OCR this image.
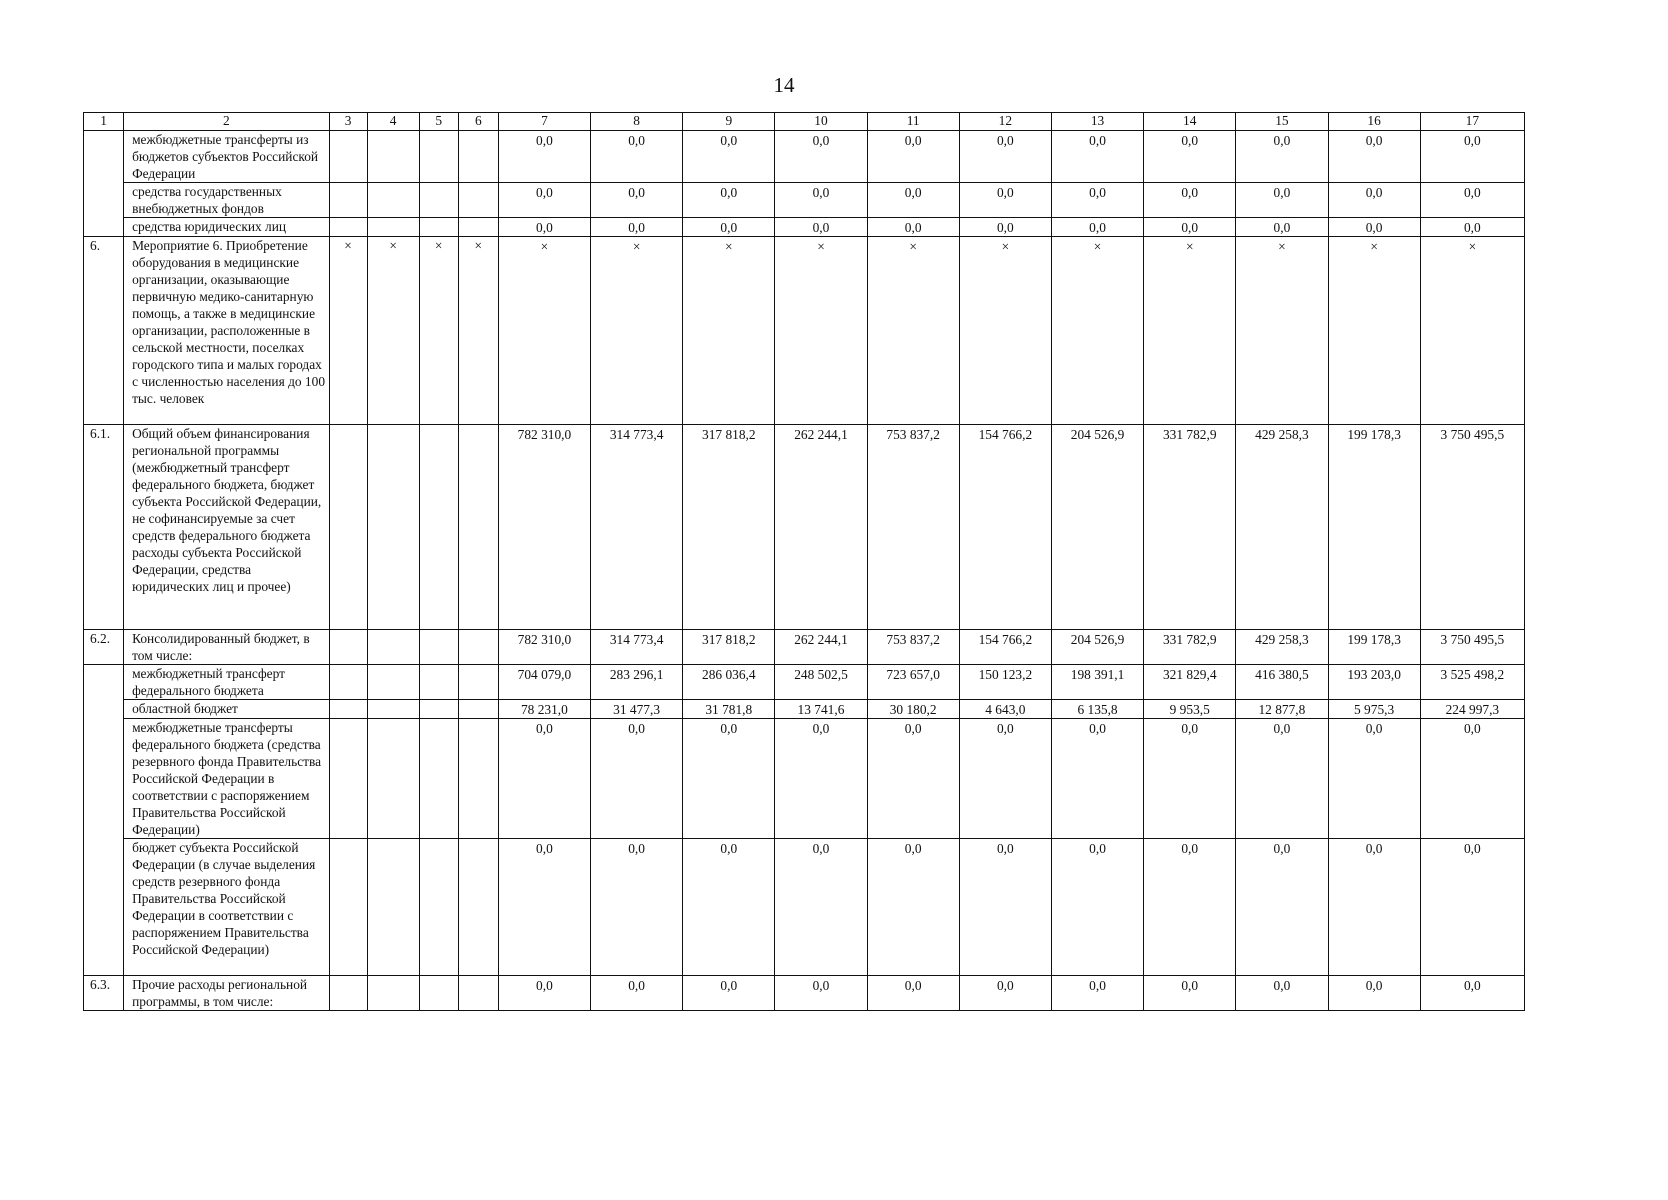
14
1	2	3	4	5	6	7	8	9	10	11	12	13	14	15	16	17
	межбюджетные трансферты из бюджетов субъектов Российской Федерации					0,0	0,0	0,0	0,0	0,0	0,0	0,0	0,0	0,0	0,0	0,0
	средства государственных внебюджетных фондов					0,0	0,0	0,0	0,0	0,0	0,0	0,0	0,0	0,0	0,0	0,0
	средства юридических лиц					0,0	0,0	0,0	0,0	0,0	0,0	0,0	0,0	0,0	0,0	0,0
6.	Мероприятие 6. Приобретение оборудования в медицинские организации, оказывающие первичную медико-санитарную помощь, а также в медицинские организации, расположенные в сельской местности, поселках городского типа и малых городах с численностью населения до 100 тыс. человек	×	×	×	×	×	×	×	×	×	×	×	×	×	×	×
6.1.	Общий объем финансирования региональной программы (межбюджетный трансферт федерального бюджета, бюджет субъекта Российской Федерации, не софинансируемые за счет средств федерального бюджета расходы субъекта Российской Федерации, средства юридических лиц и прочее)					782 310,0	314 773,4	317 818,2	262 244,1	753 837,2	154 766,2	204 526,9	331 782,9	429 258,3	199 178,3	3 750 495,5
6.2.	Консолидированный бюджет, в том числе:					782 310,0	314 773,4	317 818,2	262 244,1	753 837,2	154 766,2	204 526,9	331 782,9	429 258,3	199 178,3	3 750 495,5
	межбюджетный трансферт федерального бюджета					704 079,0	283 296,1	286 036,4	248 502,5	723 657,0	150 123,2	198 391,1	321 829,4	416 380,5	193 203,0	3 525 498,2
	областной бюджет					78 231,0	31 477,3	31 781,8	13 741,6	30 180,2	4 643,0	6 135,8	9 953,5	12 877,8	5 975,3	224 997,3
	межбюджетные трансферты федерального бюджета (средства резервного фонда Правительства Российской Федерации в соответствии с распоряжением Правительства Российской Федерации)					0,0	0,0	0,0	0,0	0,0	0,0	0,0	0,0	0,0	0,0	0,0
	бюджет субъекта Российской Федерации (в случае выделения средств резервного фонда Правительства Российской Федерации в соответствии с распоряжением Правительства Российской Федерации)					0,0	0,0	0,0	0,0	0,0	0,0	0,0	0,0	0,0	0,0	0,0
6.3.	Прочие расходы региональной программы, в том числе:					0,0	0,0	0,0	0,0	0,0	0,0	0,0	0,0	0,0	0,0	0,0
